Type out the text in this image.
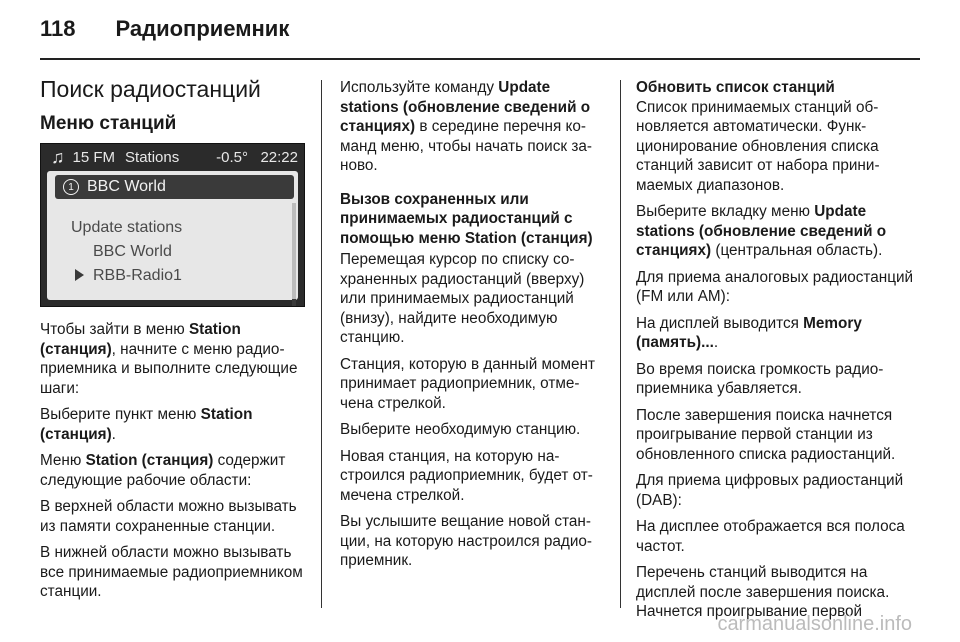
118 Радиоприемник
Поиск радиостанций
Меню станций
♫ 15 FM Stations -0.5° 22:22
1 BBC World
Update stations
BBC World
RBB-Radio1

Чтобы зайти в меню Station (станция), начните с меню радиоприемника и выполните следующие шаги:

Выберите пункт меню Station (станция).

Меню Station (станция) содержит следующие рабочие области:

В верхней области можно вызывать из памяти сохраненные станции.

В нижней области можно вызывать все принимаемые радиоприемником станции.

Используйте команду Update stations (обновление сведений о станциях) в середине перечня команд меню, чтобы начать поиск заново.

Вызов сохраненных или принимаемых радиостанций с помощью меню Station (станция)

Перемещая курсор по списку сохраненных радиостанций (вверху) или принимаемых радиостанций (внизу), найдите необходимую станцию.

Станция, которую в данный момент принимает радиоприемник, отмечена стрелкой.

Выберите необходимую станцию.

Новая станция, на которую настроился радиоприемник, будет отмечена стрелкой.

Вы услышите вещание новой станции, на которую настроился радиоприемник.

Обновить список станций

Список принимаемых станций обновляется автоматически. Функционирование обновления списка станций зависит от набора принимаемых диапазонов.

Выберите вкладку меню Update stations (обновление сведений о станциях) (центральная область).

Для приема аналоговых радиостанций (FM или AM):

На дисплей выводится Memory (память)....

Во время поиска громкость радиоприемника убавляется.

После завершения поиска начнется проигрывание первой станции из обновленного списка радиостанций.

Для приема цифровых радиостанций (DAB):

На дисплее отображается вся полоса частот.

Перечень станций выводится на дисплей после завершения поиска. Начнется проигрывание первой

carmanualsonline.info
